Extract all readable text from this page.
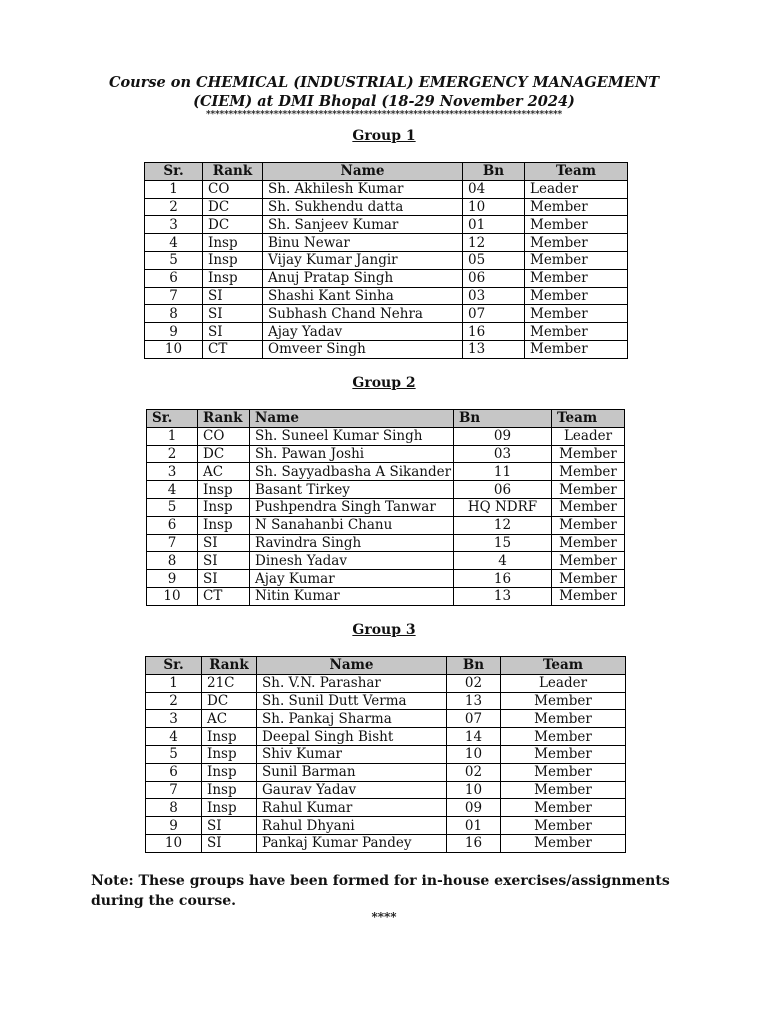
Course on CHEMICAL (INDUSTRIAL) EMERGENCY MANAGEMENT
(CIEM) at DMI Bhopal (18-29 November 2024)
*******************************************************************************
Group 1
Sr.	Rank	Name	Bn	Team
1	CO	Sh. Akhilesh Kumar	04	Leader
2	DC	Sh. Sukhendu datta	10	Member
3	DC	Sh. Sanjeev Kumar	01	Member
4	Insp	Binu Newar	12	Member
5	Insp	Vijay Kumar Jangir	05	Member
6	Insp	Anuj Pratap Singh	06	Member
7	SI	Shashi Kant Sinha	03	Member
8	SI	Subhash Chand Nehra	07	Member
9	SI	Ajay Yadav	16	Member
10	CT	Omveer Singh	13	Member
Group 2
Sr.	Rank	Name	Bn	Team
1	CO	Sh. Suneel Kumar Singh	09	Leader
2	DC	Sh. Pawan Joshi	03	Member
3	AC	Sh. Sayyadbasha A Sikander	11	Member
4	Insp	Basant Tirkey	06	Member
5	Insp	Pushpendra Singh Tanwar	HQ NDRF	Member
6	Insp	N Sanahanbi Chanu	12	Member
7	SI	Ravindra Singh	15	Member
8	SI	Dinesh Yadav	4	Member
9	SI	Ajay Kumar	16	Member
10	CT	Nitin Kumar	13	Member
Group 3
Sr.	Rank	Name	Bn	Team
1	21C	Sh. V.N. Parashar	02	Leader
2	DC	Sh. Sunil Dutt Verma	13	Member
3	AC	Sh. Pankaj Sharma	07	Member
4	Insp	Deepal Singh Bisht	14	Member
5	Insp	Shiv Kumar	10	Member
6	Insp	Sunil Barman	02	Member
7	Insp	Gaurav Yadav	10	Member
8	Insp	Rahul Kumar	09	Member
9	SI	Rahul Dhyani	01	Member
10	SI	Pankaj Kumar Pandey	16	Member
Note: These groups have been formed for in-house exercises/assignments during the course.
****
